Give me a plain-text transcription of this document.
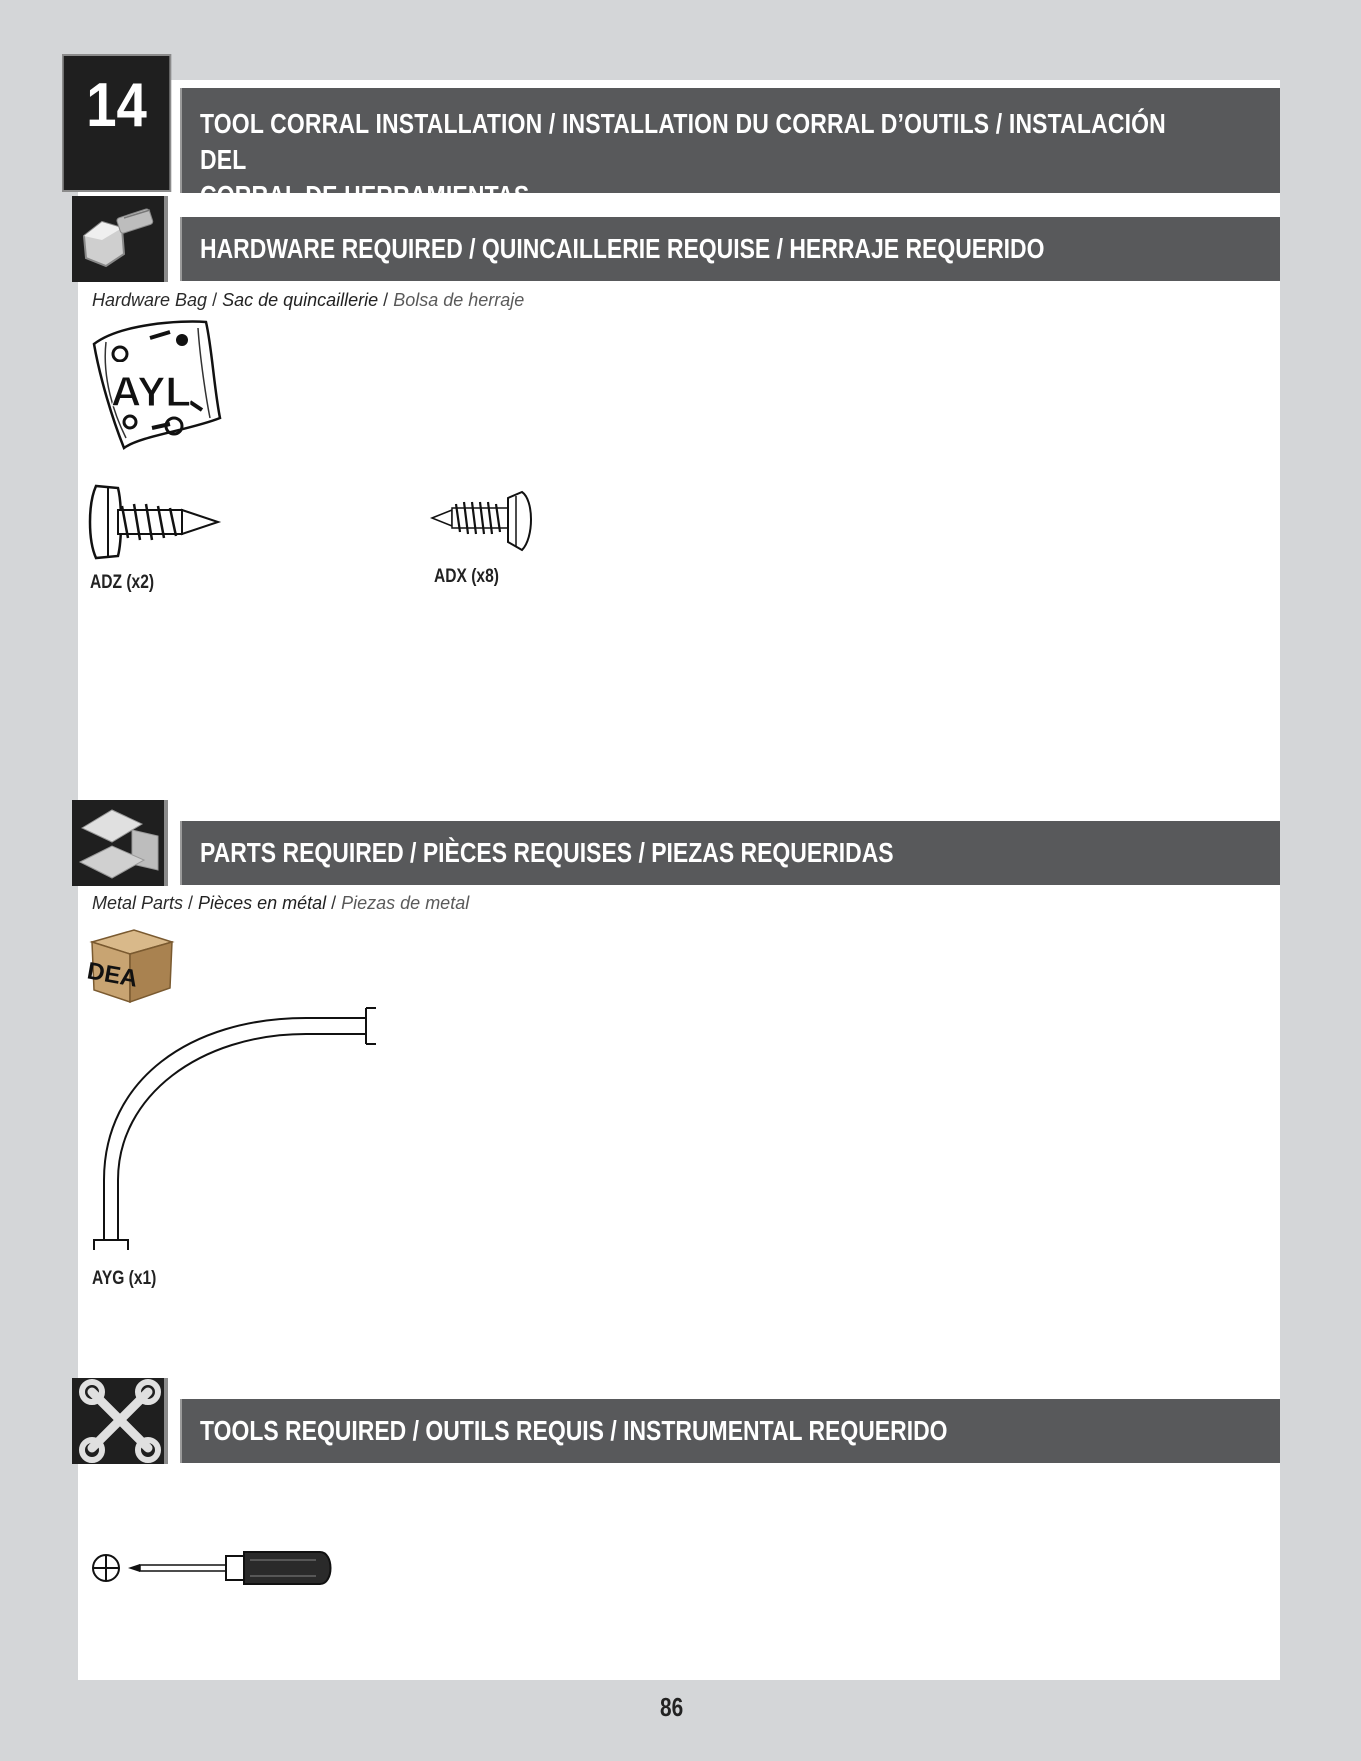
14	TOOL CORRAL INSTALLATION / INSTALLATION DU CORRAL D’OUTILS / INSTALACIÓN DEL
CORRAL DE HERRAMIENTAS
HARDWARE REQUIRED / QUINCAILLERIE REQUISE / HERRAJE REQUERIDO
Hardware Bag / Sac de quincaillerie / Bolsa de herraje
AYL
ADZ (x2)	ADX (x8)
PARTS REQUIRED / PIÈCES REQUISES / PIEZAS REQUERIDAS
Metal Parts / Pièces en métal / Piezas de metal
DEA
AYG (x1)
TOOLS REQUIRED / OUTILS REQUIS / INSTRUMENTAL REQUERIDO
86
